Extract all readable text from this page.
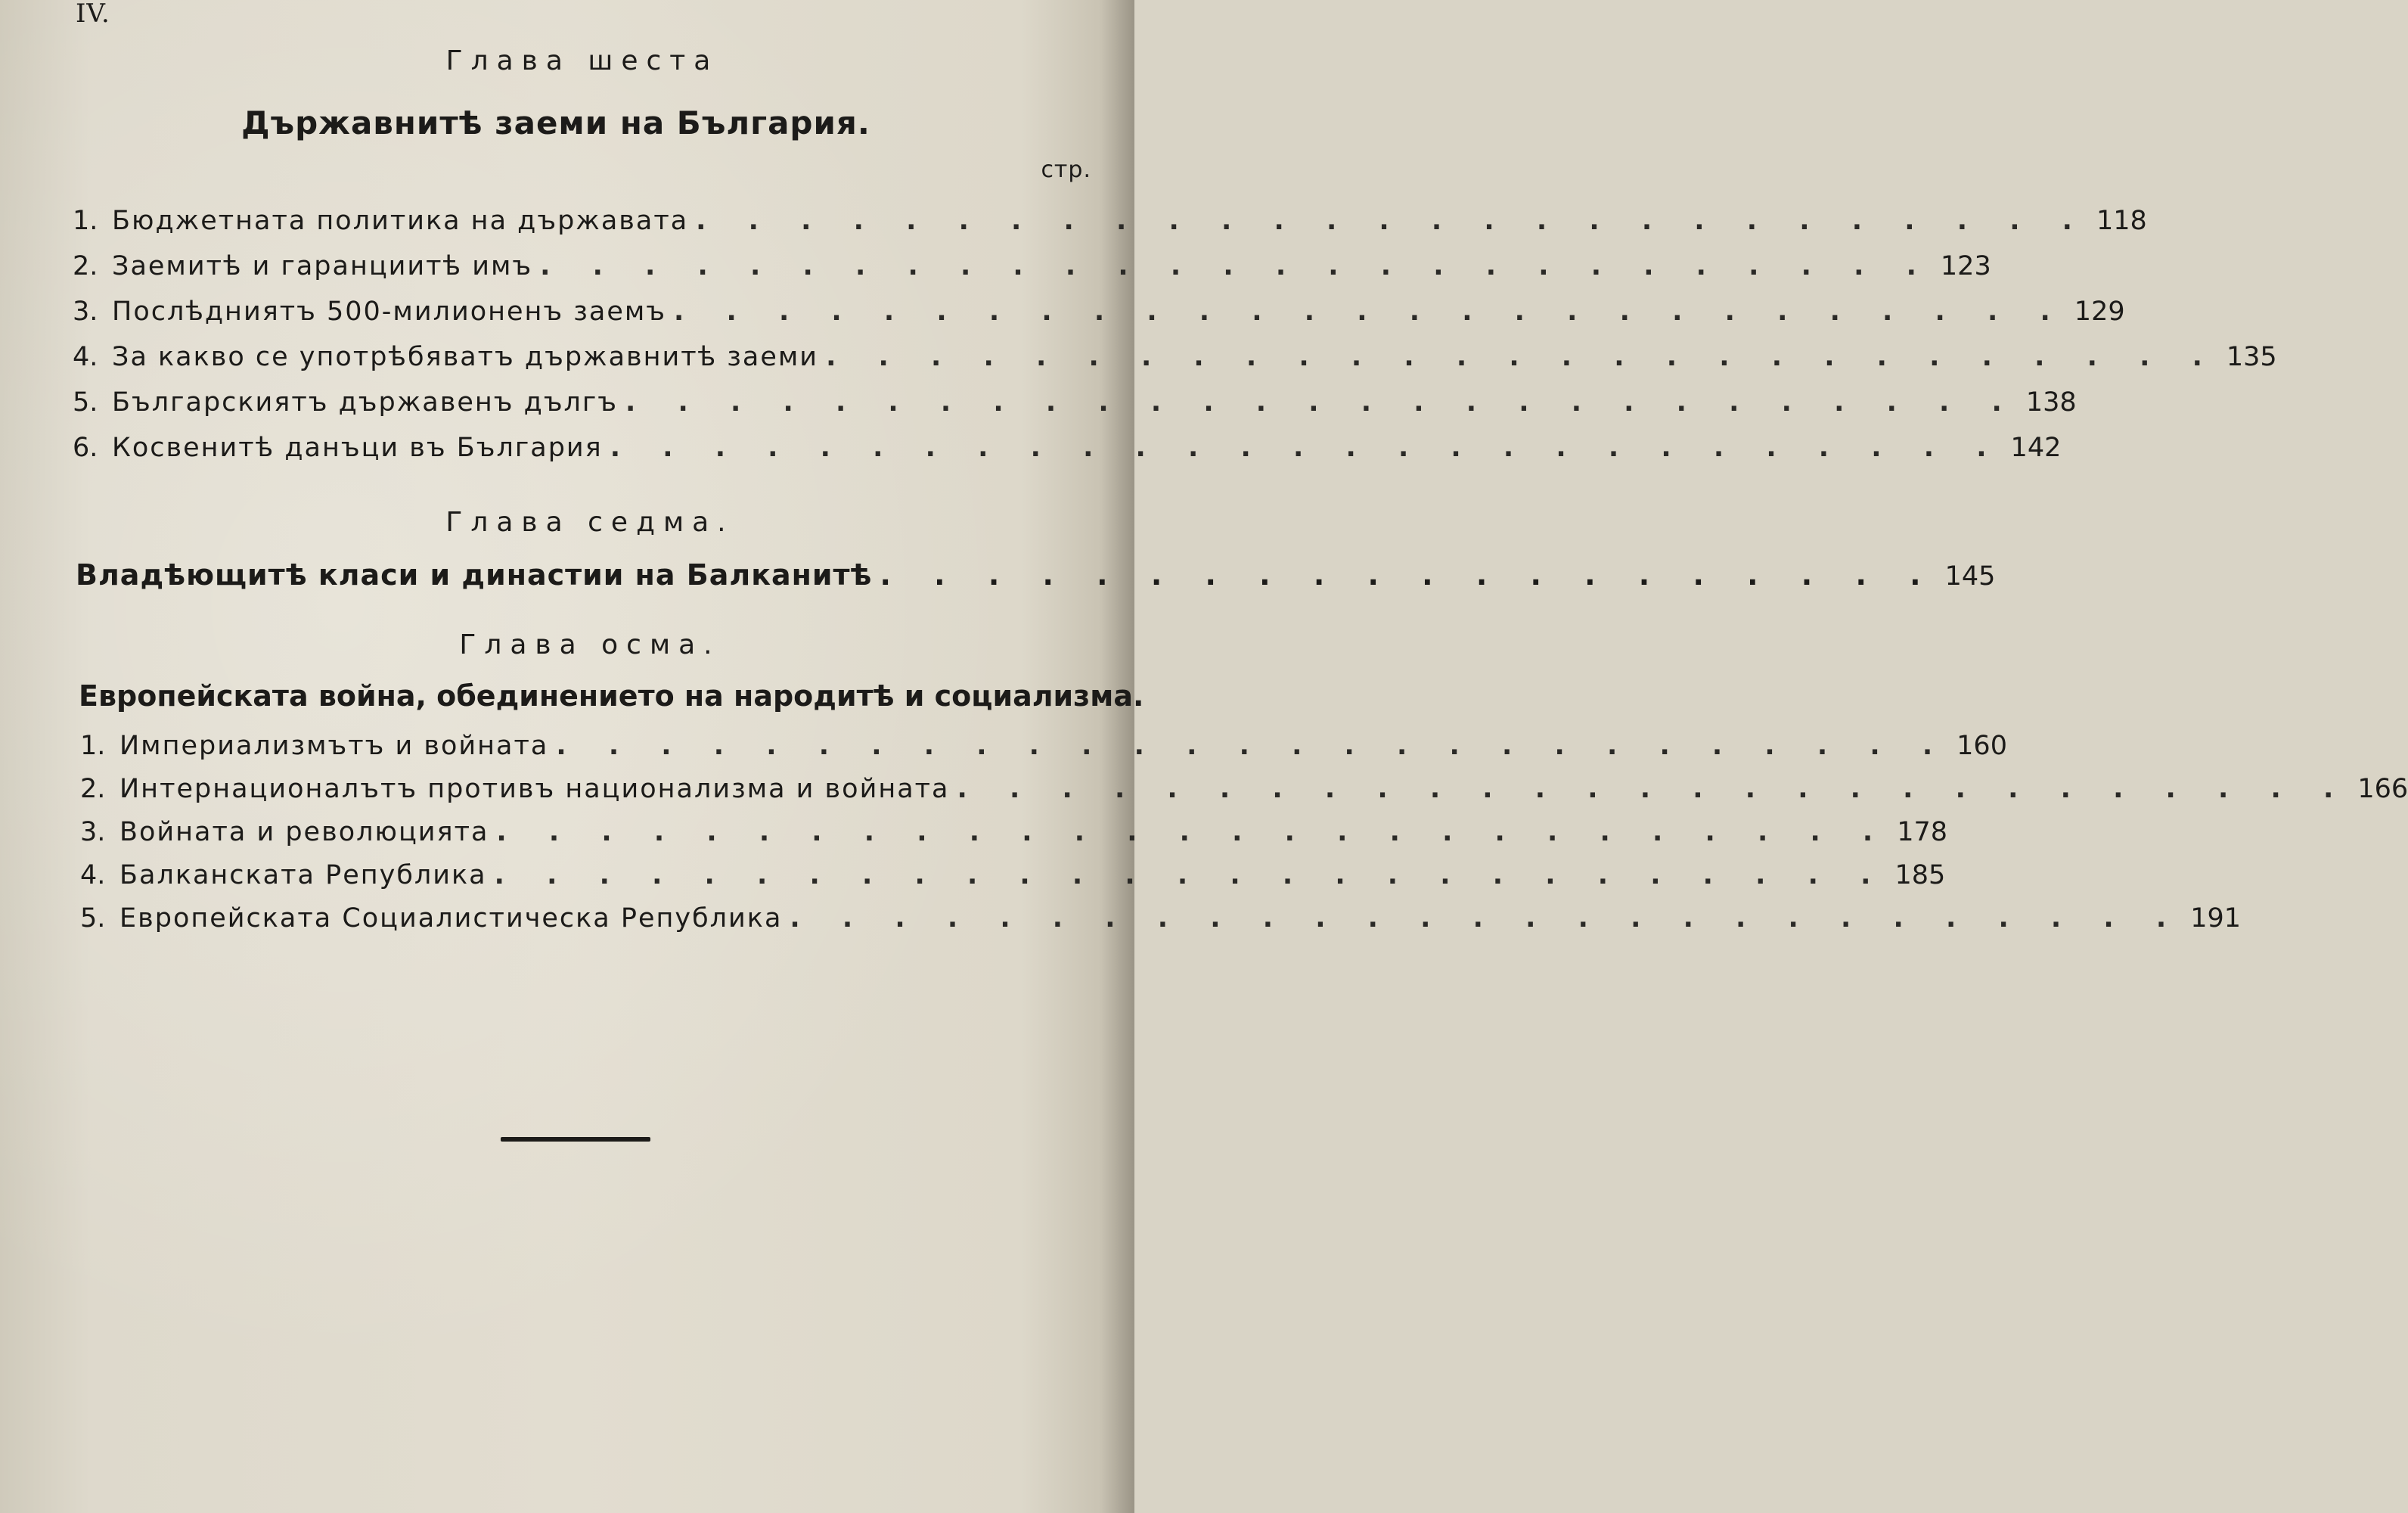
IV.
Глава шеста
Държавнитѣ заеми на България.
стр.
1. Бюджетната политика на държавата . . . . . . . . . . . . . . . . . . . . . . . . . . . 118
2. Заемитѣ и гаранциитѣ имъ . . . . . . . . . . . . . . . . . . . . . . . . . . . 123
3. Послѣдниятъ 500-милионенъ заемъ . . . . . . . . . . . . . . . . . . . . . . . . . . . 129
4. За какво се употрѣбяватъ държавнитѣ заеми . . . . . . . . . . . . . . . . . . . . . . . . . . . 135
5. Българскиятъ държавенъ дългъ . . . . . . . . . . . . . . . . . . . . . . . . . . . 138
6. Косвенитѣ данъци въ България . . . . . . . . . . . . . . . . . . . . . . . . . . . 142
Глава седма.
Владѣющитѣ класи и династии на Балканитѣ . . . . . . . . . . . . . . . . . . . . 145
Глава осма.
Европейската война, обединението на народитѣ и социализма.
1. Империализмътъ и войната . . . . . . . . . . . . . . . . . . . . . . . . . . . 160
2. Интернационалътъ противъ национализма и войната . . . . . . . . . . . . . . . . . . . . . . . . . . . 166
3. Войната и революцията . . . . . . . . . . . . . . . . . . . . . . . . . . . 178
4. Балканската Република . . . . . . . . . . . . . . . . . . . . . . . . . . . 185
5. Европейската Социалистическа Република . . . . . . . . . . . . . . . . . . . . . . . . . . . 191
